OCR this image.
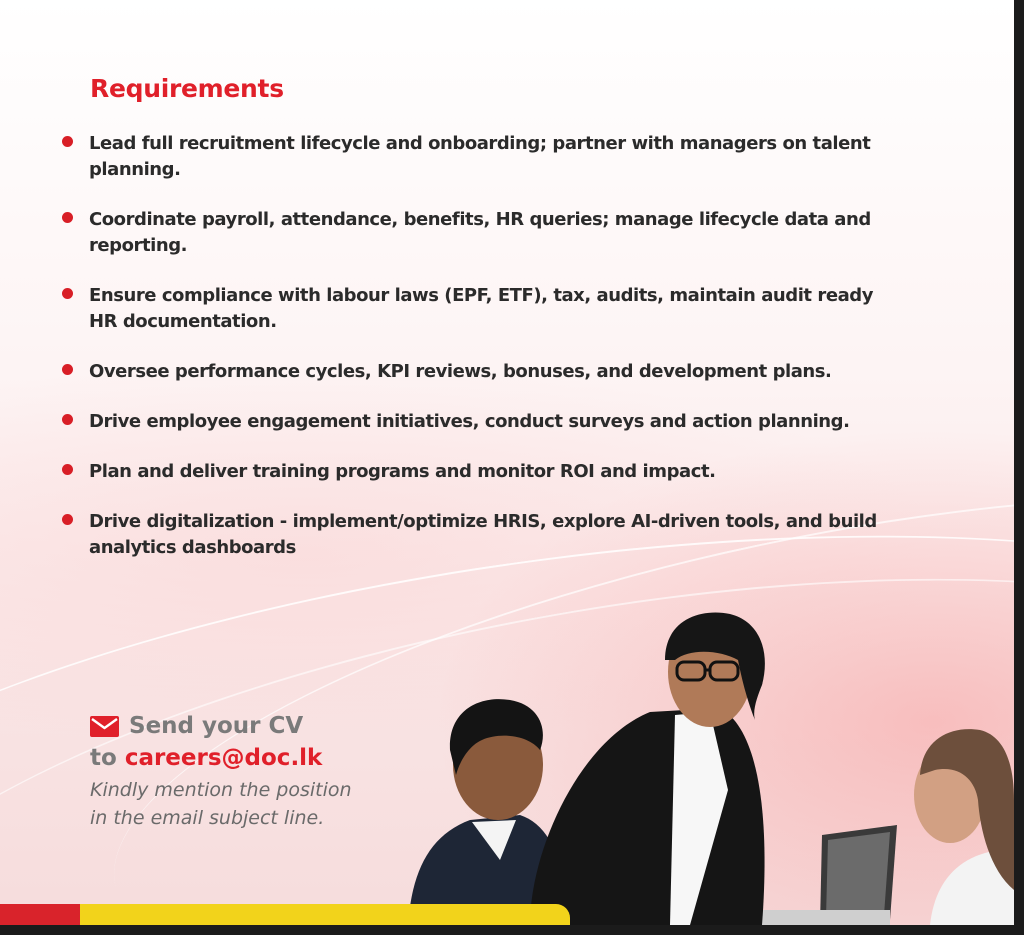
Requirements
Lead full recruitment lifecycle and onboarding; partner with managers on talent planning.
Coordinate payroll, attendance, benefits, HR queries; manage lifecycle data and reporting.
Ensure compliance with labour laws (EPF, ETF), tax, audits, maintain audit ready HR documentation.
Oversee performance cycles, KPI reviews, bonuses, and development plans.
Drive employee engagement initiatives, conduct surveys and action planning.
Plan and deliver training programs and monitor ROI and impact.
Drive digitalization - implement/optimize HRIS, explore AI-driven tools, and build analytics dashboards
Send your CV
to careers@doc.lk
Kindly mention the position
in the email subject line.
